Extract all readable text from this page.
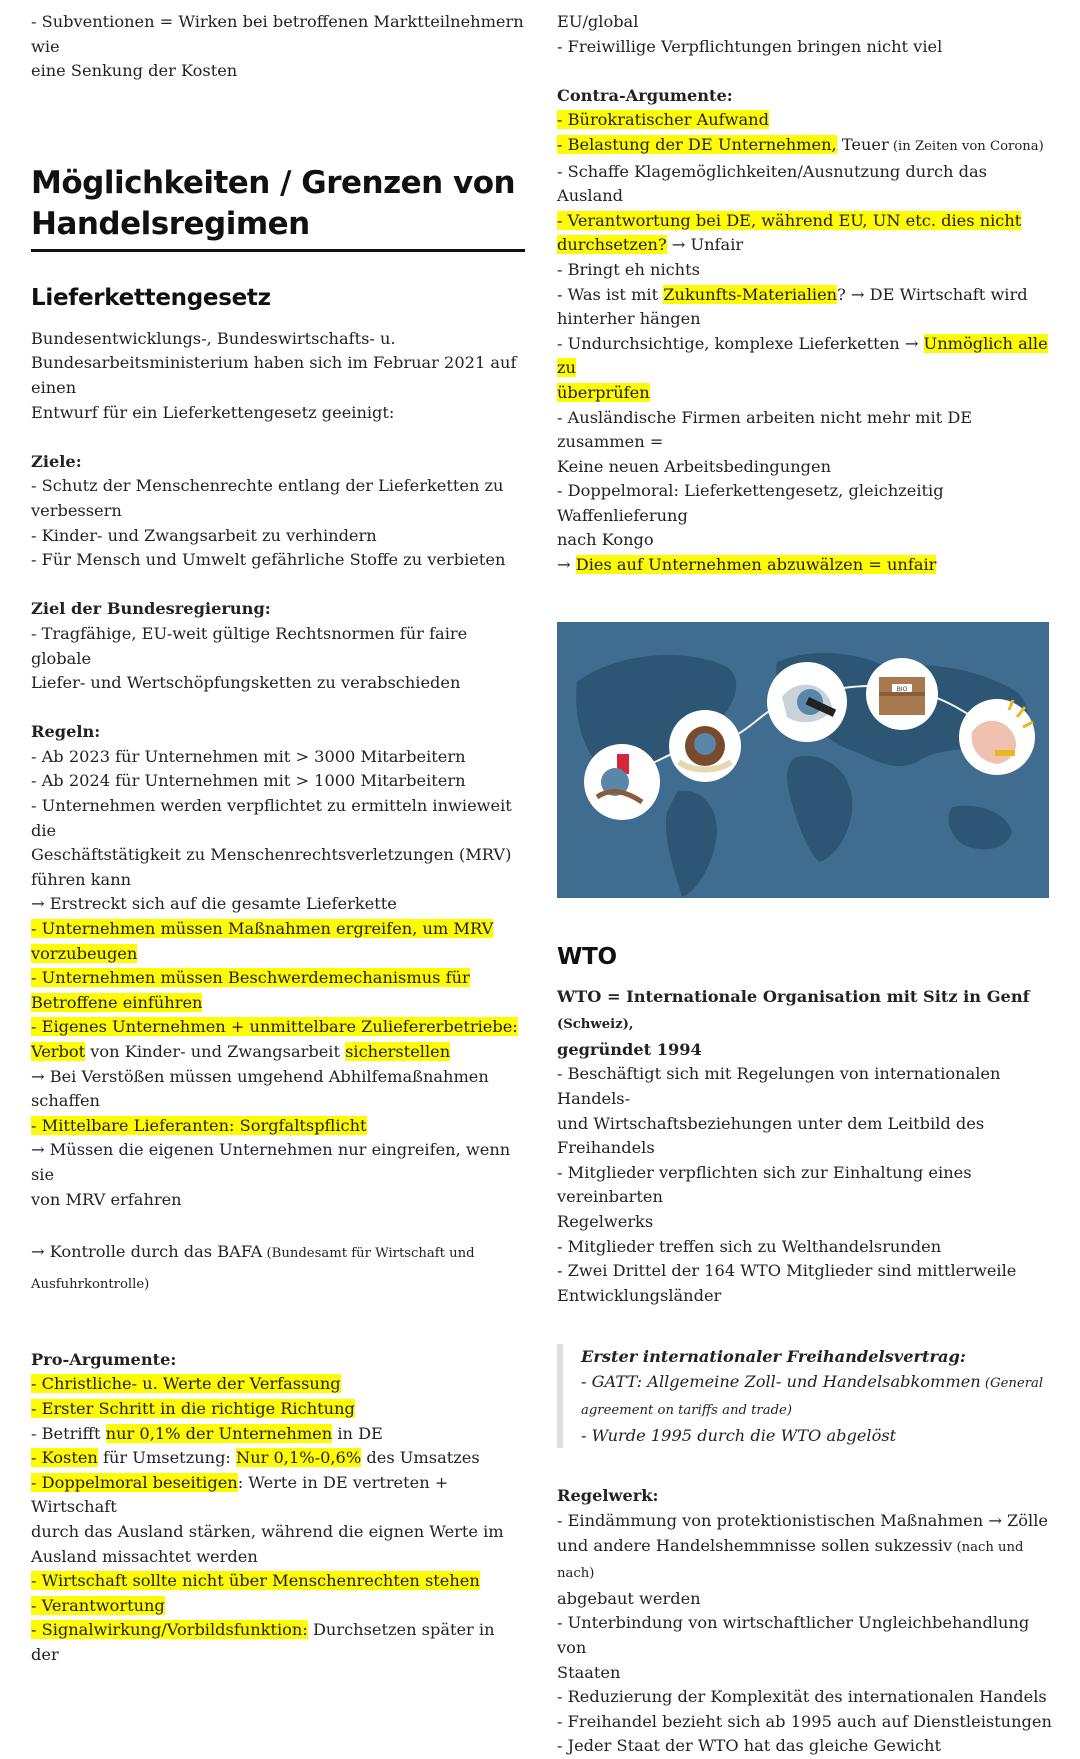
- Subventionen = Wirken bei betroffenen Marktteilnehmern wie
eine Senkung der Kosten

Möglichkeiten / Grenzen von
Handelsregimen
Lieferkettengesetz

Bundesentwicklungs-, Bundeswirtschafts- u.
Bundesarbeitsministerium haben sich im Februar 2021 auf einen
Entwurf für ein Lieferkettengesetz geeinigt:

Ziele:
- Schutz der Menschenrechte entlang der Lieferketten zu
verbessern
- Kinder- und Zwangsarbeit zu verhindern
- Für Mensch und Umwelt gefährliche Stoffe zu verbieten

Ziel der Bundesregierung:
- Tragfähige, EU-weit gültige Rechtsnormen für faire globale
Liefer- und Wertschöpfungsketten zu verabschieden

Regeln:
- Ab 2023 für Unternehmen mit > 3000 Mitarbeitern
- Ab 2024 für Unternehmen mit > 1000 Mitarbeitern
- Unternehmen werden verpflichtet zu ermitteln inwieweit die
Geschäftstätigkeit zu Menschenrechtsverletzungen (MRV)
führen kann
→ Erstreckt sich auf die gesamte Lieferkette
- Unternehmen müssen Maßnahmen ergreifen, um MRV
vorzubeugen
- Unternehmen müssen Beschwerdemechanismus für
Betroffene einführen
- Eigenes Unternehmen + unmittelbare Zuliefererbetriebe:
Verbot von Kinder- und Zwangsarbeit sicherstellen
→ Bei Verstößen müssen umgehend Abhilfemaßnahmen
schaffen
- Mittelbare Lieferanten: Sorgfaltspflicht
→ Müssen die eigenen Unternehmen nur eingreifen, wenn sie
von MRV erfahren

→ Kontrolle durch das BAFA (Bundesamt für Wirtschaft und
Ausfuhrkontrolle)

Pro-Argumente:
- Christliche- u. Werte der Verfassung
- Erster Schritt in die richtige Richtung
- Betrifft nur 0,1% der Unternehmen in DE
- Kosten für Umsetzung: Nur 0,1%-0,6% des Umsatzes
- Doppelmoral beseitigen: Werte in DE vertreten + Wirtschaft
durch das Ausland stärken, während die eignen Werte im
Ausland missachtet werden
- Wirtschaft sollte nicht über Menschenrechten stehen
- Verantwortung
- Signalwirkung/Vorbildsfunktion: Durchsetzen später in der

EU/global
- Freiwillige Verpflichtungen bringen nicht viel

Contra-Argumente:
- Bürokratischer Aufwand
- Belastung der DE Unternehmen, Teuer (in Zeiten von Corona)
- Schaffe Klagemöglichkeiten/Ausnutzung durch das Ausland
- Verantwortung bei DE, während EU, UN etc. dies nicht
durchsetzen? → Unfair
- Bringt eh nichts
- Was ist mit Zukunfts-Materialien? → DE Wirtschaft wird
hinterher hängen
- Undurchsichtige, komplexe Lieferketten → Unmöglich alle zu
überprüfen
- Ausländische Firmen arbeiten nicht mehr mit DE zusammen =
Keine neuen Arbeitsbedingungen
- Doppelmoral: Lieferkettengesetz, gleichzeitig Waffenlieferung
nach Kongo
→ Dies auf Unternehmen abzuwälzen = unfair

BIO
WTO

WTO = Internationale Organisation mit Sitz in Genf (Schweiz),
gegründet 1994
- Beschäftigt sich mit Regelungen von internationalen Handels-
und Wirtschaftsbeziehungen unter dem Leitbild des Freihandels
- Mitglieder verpflichten sich zur Einhaltung eines vereinbarten
Regelwerks
- Mitglieder treffen sich zu Welthandelsrunden
- Zwei Drittel der 164 WTO Mitglieder sind mittlerweile
Entwicklungsländer

Erster internationaler Freihandelsvertrag:
- GATT: Allgemeine Zoll- und Handelsabkommen (General
agreement on tariffs and trade)
- Wurde 1995 durch die WTO abgelöst

Regelwerk:
- Eindämmung von protektionistischen Maßnahmen → Zölle
und andere Handelshemmnisse sollen sukzessiv (nach und nach)
abgebaut werden
- Unterbindung von wirtschaftlicher Ungleichbehandlung von
Staaten
- Reduzierung der Komplexität des internationalen Handels
- Freihandel bezieht sich ab 1995 auch auf Dienstleistungen
- Jeder Staat der WTO hat das gleiche Gewicht
